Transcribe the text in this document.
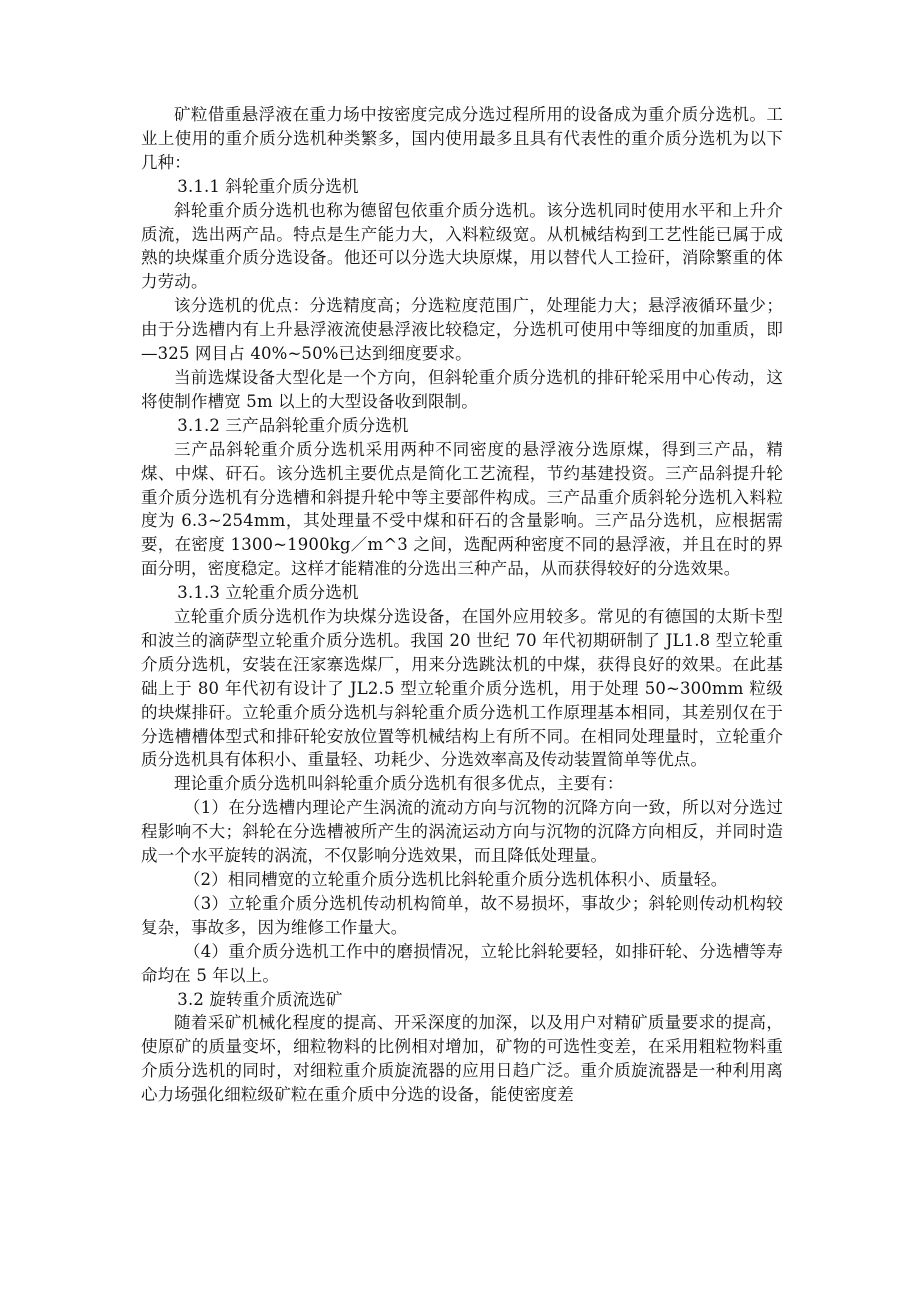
矿粒借重悬浮液在重力场中按密度完成分选过程所用的设备成为重介质分选机。工业上使用的重介质分选机种类繁多，国内使用最多且具有代表性的重介质分选机为以下几种：

3.1.1 斜轮重介质分选机

斜轮重介质分选机也称为德留包依重介质分选机。该分选机同时使用水平和上升介质流，选出两产品。特点是生产能力大，入料粒级宽。从机械结构到工艺性能已属于成熟的块煤重介质分选设备。他还可以分选大块原煤，用以替代人工捡矸，消除繁重的体力劳动。

该分选机的优点：分选精度高；分选粒度范围广，处理能力大；悬浮液循环量少；由于分选槽内有上升悬浮液流使悬浮液比较稳定，分选机可使用中等细度的加重质，即—325 网目占 40%~50%已达到细度要求。

当前选煤设备大型化是一个方向，但斜轮重介质分选机的排矸轮采用中心传动，这将使制作槽宽 5m 以上的大型设备收到限制。

3.1.2 三产品斜轮重介质分选机

三产品斜轮重介质分选机采用两种不同密度的悬浮液分选原煤，得到三产品，精煤、中煤、矸石。该分选机主要优点是简化工艺流程，节约基建投资。三产品斜提升轮重介质分选机有分选槽和斜提升轮中等主要部件构成。三产品重介质斜轮分选机入料粒度为 6.3~254mm，其处理量不受中煤和矸石的含量影响。三产品分选机，应根据需要，在密度 1300~1900kg／m^3 之间，选配两种密度不同的悬浮液，并且在时的界面分明，密度稳定。这样才能精准的分选出三种产品，从而获得较好的分选效果。

3.1.3 立轮重介质分选机

立轮重介质分选机作为块煤分选设备，在国外应用较多。常见的有德国的太斯卡型和波兰的滴萨型立轮重介质分选机。我国 20 世纪 70 年代初期研制了 JL1.8 型立轮重介质分选机，安装在汪家寨选煤厂，用来分选跳汰机的中煤，获得良好的效果。在此基础上于 80 年代初有设计了 JL2.5 型立轮重介质分选机，用于处理 50~300mm 粒级的块煤排矸。立轮重介质分选机与斜轮重介质分选机工作原理基本相同，其差别仅在于分选槽槽体型式和排矸轮安放位置等机械结构上有所不同。在相同处理量时，立轮重介质分选机具有体积小、重量轻、功耗少、分选效率高及传动装置简单等优点。

理论重介质分选机叫斜轮重介质分选机有很多优点，主要有：

（1）在分选槽内理论产生涡流的流动方向与沉物的沉降方向一致，所以对分选过程影响不大；斜轮在分选槽被所产生的涡流运动方向与沉物的沉降方向相反，并同时造成一个水平旋转的涡流，不仅影响分选效果，而且降低处理量。

（2）相同槽宽的立轮重介质分选机比斜轮重介质分选机体积小、质量轻。

（3）立轮重介质分选机传动机构简单，故不易损坏，事故少；斜轮则传动机构较复杂，事故多，因为维修工作量大。

（4）重介质分选机工作中的磨损情况，立轮比斜轮要轻，如排矸轮、分选槽等寿命均在 5 年以上。

3.2 旋转重介质流选矿

随着采矿机械化程度的提高、开采深度的加深，以及用户对精矿质量要求的提高，使原矿的质量变坏，细粒物料的比例相对增加，矿物的可选性变差，在采用粗粒物料重介质分选机的同时，对细粒重介质旋流器的应用日趋广泛。重介质旋流器是一种利用离心力场强化细粒级矿粒在重介质中分选的设备，能使密度差
